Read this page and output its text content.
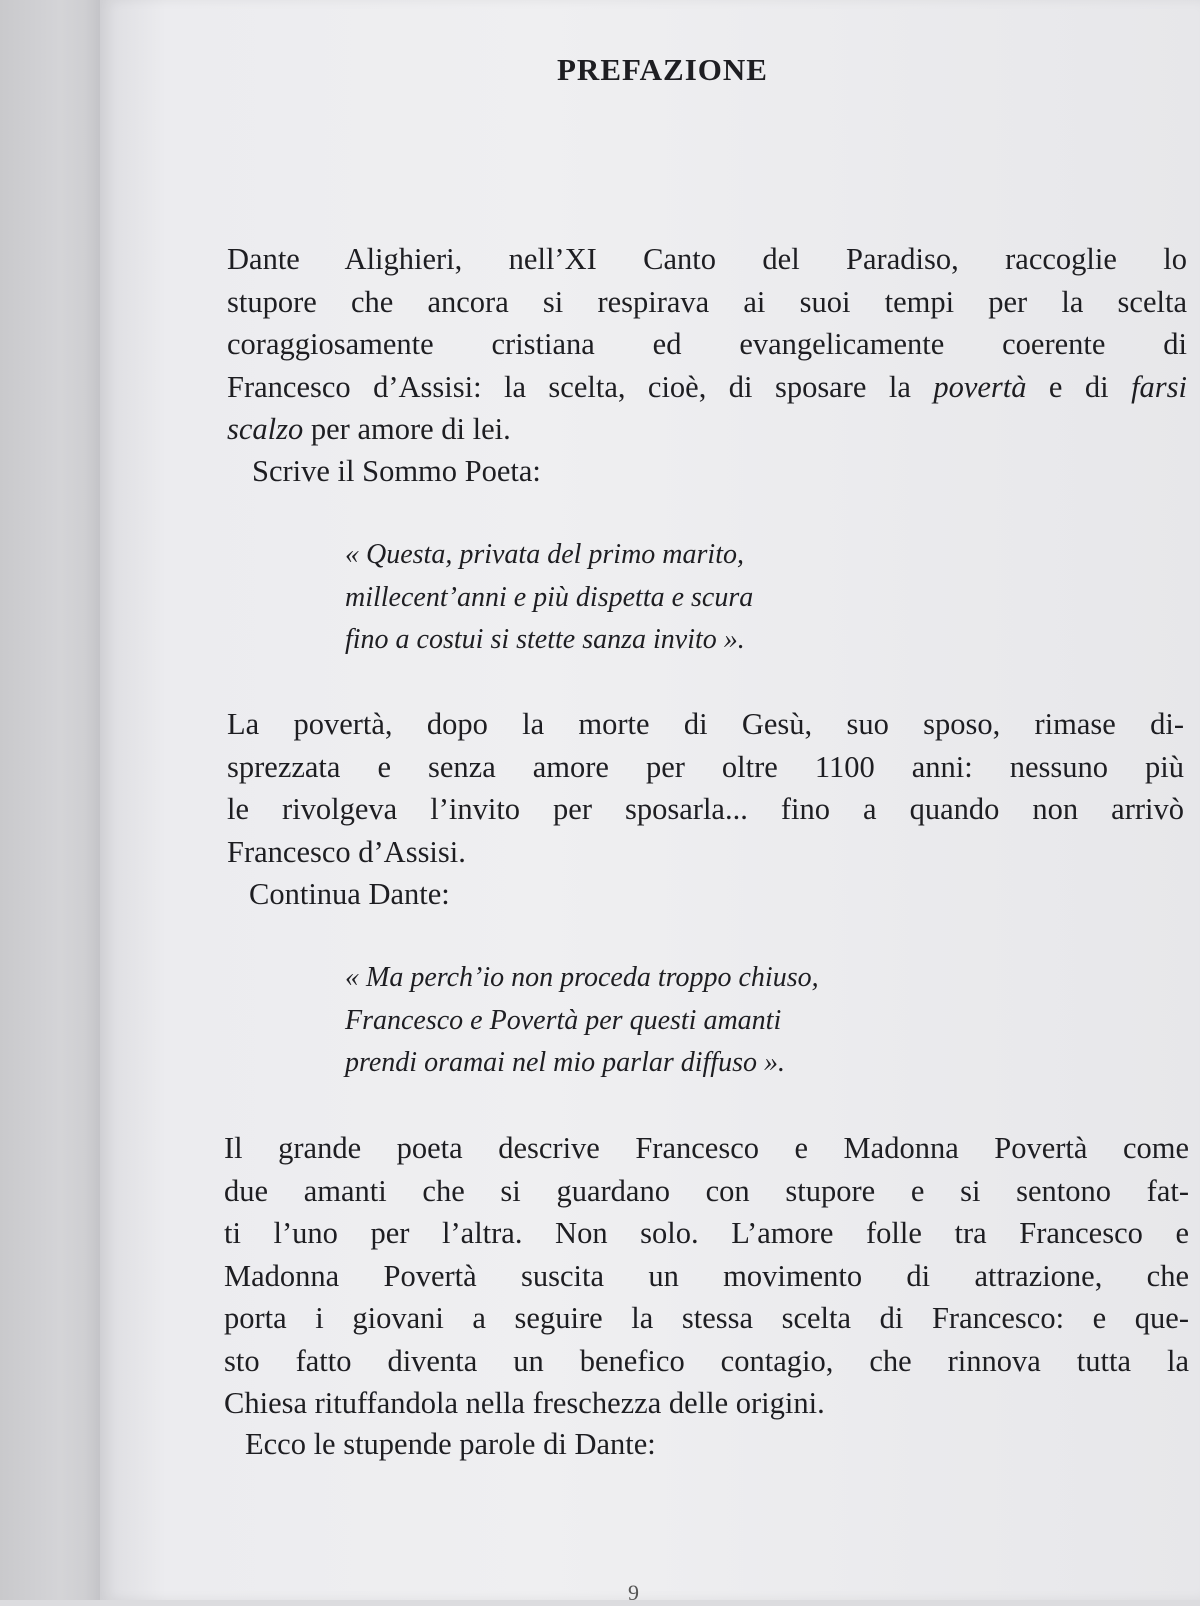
PREFAZIONE
Dante Alighieri, nell’XI Canto del Paradiso, raccoglie lo
stupore che ancora si respirava ai suoi tempi per la scelta
coraggiosamente cristiana ed evangelicamente coerente di
Francesco d’Assisi: la scelta, cioè, di sposare la povertà e di farsi
scalzo per amore di lei.
Scrive il Sommo Poeta:
« Questa, privata del primo marito,
millecent’anni e più dispetta e scura
fino a costui si stette sanza invito ».
La povertà, dopo la morte di Gesù, suo sposo, rimase di-
sprezzata e senza amore per oltre 1100 anni: nessuno più
le rivolgeva l’invito per sposarla... fino a quando non arrivò
Francesco d’Assisi.
Continua Dante:
« Ma perch’io non proceda troppo chiuso,
Francesco e Povertà per questi amanti
prendi oramai nel mio parlar diffuso ».
Il grande poeta descrive Francesco e Madonna Povertà come
due amanti che si guardano con stupore e si sentono fat-
ti l’uno per l’altra. Non solo. L’amore folle tra Francesco e
Madonna Povertà suscita un movimento di attrazione, che
porta i giovani a seguire la stessa scelta di Francesco: e que-
sto fatto diventa un benefico contagio, che rinnova tutta la
Chiesa rituffandola nella freschezza delle origini.
Ecco le stupende parole di Dante:
9
